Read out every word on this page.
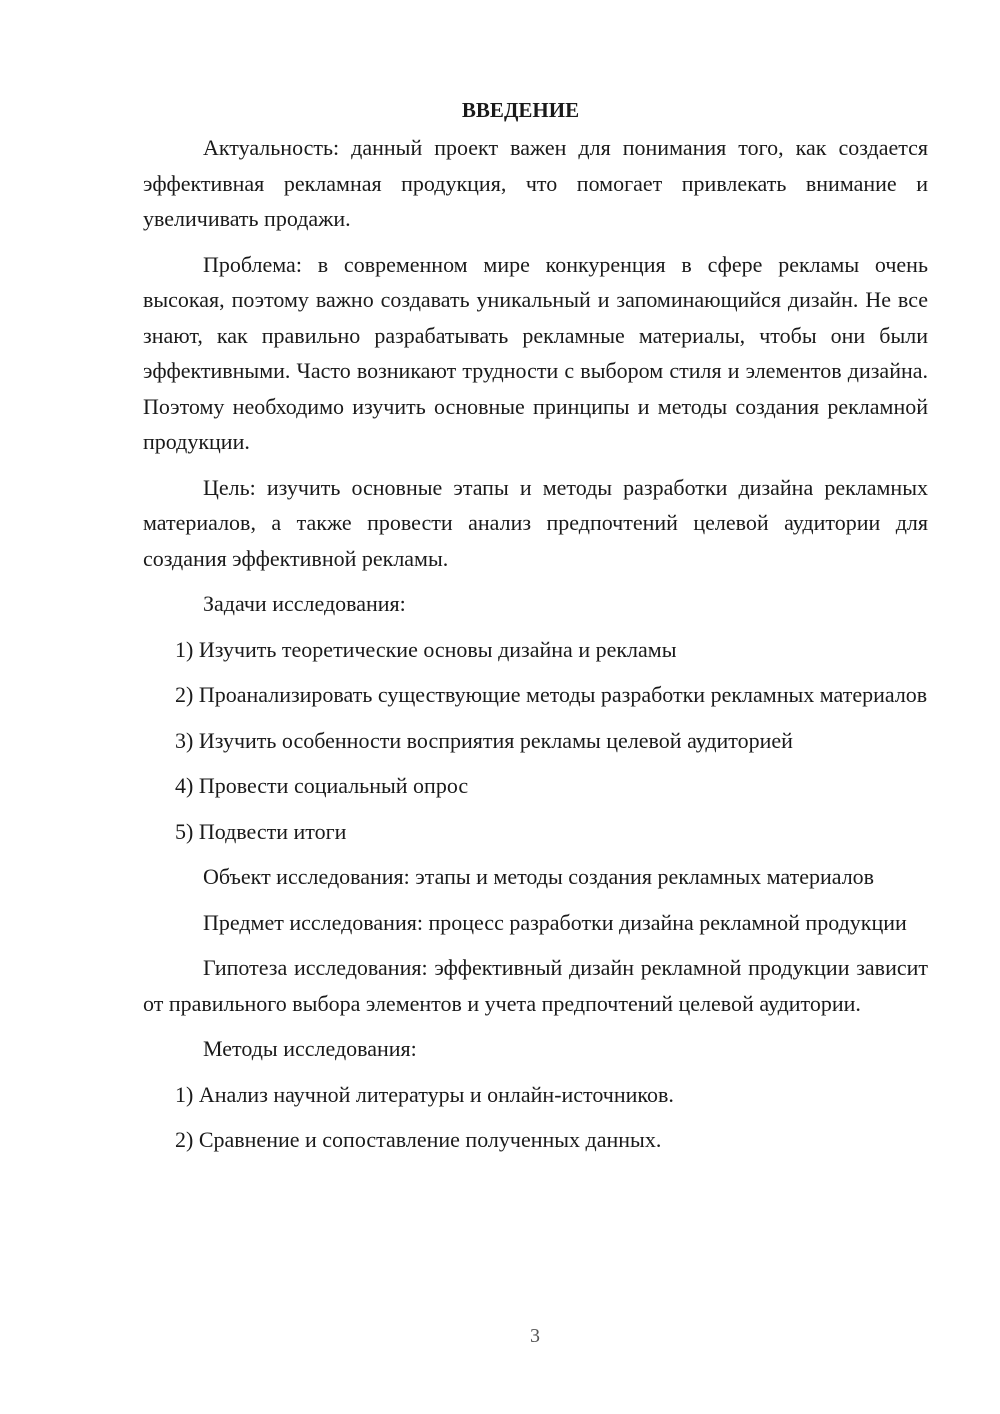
ВВЕДЕНИЕ

Актуальность: данный проект важен для понимания того, как создается эффективная рекламная продукция, что помогает привлекать внимание и увеличивать продажи.

Проблема: в современном мире конкуренция в сфере рекламы очень высокая, поэтому важно создавать уникальный и запоминающийся дизайн. Не все знают, как правильно разрабатывать рекламные материалы, чтобы они были эффективными. Часто возникают трудности с выбором стиля и элементов дизайна. Поэтому необходимо изучить основные принципы и методы создания рекламной продукции.

Цель: изучить основные этапы и методы разработки дизайна рекламных материалов, а также провести анализ предпочтений целевой аудитории для создания эффективной рекламы.

Задачи исследования:

1) Изучить теоретические основы дизайна и рекламы

2) Проанализировать существующие методы разработки рекламных материалов

3) Изучить особенности восприятия рекламы целевой аудиторией

4) Провести социальный опрос

5) Подвести итоги

Объект исследования: этапы и методы создания рекламных материалов

Предмет исследования: процесс разработки дизайна рекламной продукции

Гипотеза исследования: эффективный дизайн рекламной продукции зависит от правильного выбора элементов и учета предпочтений целевой аудитории.

Методы исследования:

1) Анализ научной литературы и онлайн-источников.

2) Сравнение и сопоставление полученных данных.

3
